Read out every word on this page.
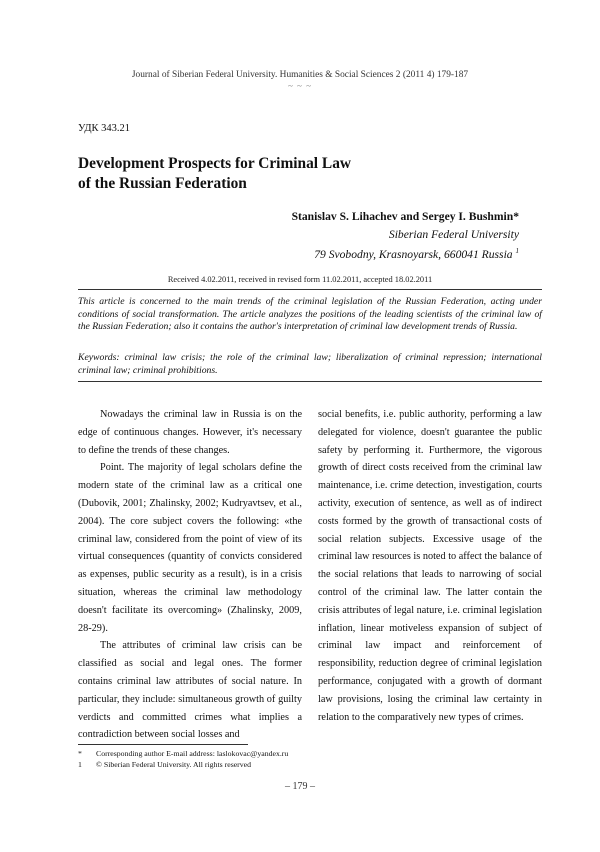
Journal of Siberian Federal University. Humanities & Social Sciences 2 (2011 4) 179-187
~ ~ ~
УДК 343.21
Development Prospects for Criminal Law
of the Russian Federation
Stanislav S. Lihachev and Sergey I. Bushmin*
Siberian Federal University
79 Svobodny, Krasnoyarsk, 660041 Russia $^1$
Received 4.02.2011, received in revised form 11.02.2011, accepted 18.02.2011
This article is concerned to the main trends of the criminal legislation of the Russian Federation, acting under conditions of social transformation. The article analyzes the positions of the leading scientists of the criminal law of the Russian Federation; also it contains the author's interpretation of criminal law development trends of Russia.
Keywords: criminal law crisis; the role of the criminal law; liberalization of criminal repression; international criminal law; criminal prohibitions.

Nowadays the criminal law in Russia is on the edge of continuous changes. However, it's necessary to define the trends of these changes.

Point. The majority of legal scholars define the modern state of the criminal law as a critical one (Dubovik, 2001; Zhalinsky, 2002; Kudryavtsev, et al., 2004). The core subject covers the following: «the criminal law, considered from the point of view of its virtual consequences (quantity of convicts considered as expenses, public security as a result), is in a crisis situation, whereas the criminal law methodology doesn't facilitate its overcoming» (Zhalinsky, 2009, 28-29).

The attributes of criminal law crisis can be classified as social and legal ones. The former contains criminal law attributes of social nature. In particular, they include: simultaneous growth of guilty verdicts and committed crimes what implies a contradiction between social losses and

social benefits, i.e. public authority, performing a law delegated for violence, doesn't guarantee the public safety by performing it. Furthermore, the vigorous growth of direct costs received from the criminal law maintenance, i.e. crime detection, investigation, courts activity, execution of sentence, as well as of indirect costs formed by the growth of transactional costs of social relation subjects. Excessive usage of the criminal law resources is noted to affect the balance of the social relations that leads to narrowing of social control of the criminal law. The latter contain the crisis attributes of legal nature, i.e. criminal legislation inflation, linear motiveless expansion of subject of criminal law impact and reinforcement of responsibility, reduction degree of criminal legislation performance, conjugated with a growth of dormant law provisions, losing the criminal law certainty in relation to the comparatively new types of crimes.

* Corresponding author E-mail address: laslokovac@yandex.ru
1 © Siberian Federal University. All rights reserved
– 179 –
